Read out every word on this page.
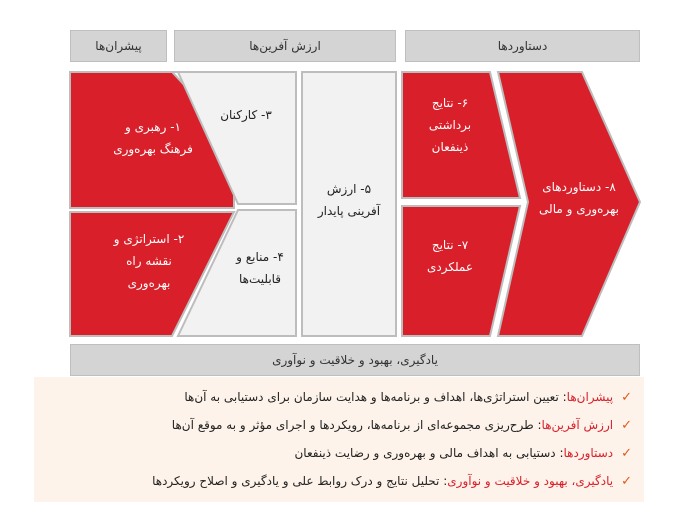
پیشران‌ها	ارزش آفرین‌ها	دستاوردها
۱- رهبری و
فرهنگ بهره‌وری
۲- استراتژی و
نقشه راه
بهره‌وری
۳- کارکنان
۴- منابع و
قابلیت‌ها
۵- ارزش
آفرینی پایدار
۶- نتایج
برداشتی
ذینفعان
۷- نتایج
عملکردی
۸- دستاوردهای
بهره‌وری و مالی
یادگیری، بهبود و خلاقیت و نوآوری
✓
پیشران‌ها
: تعیین استراتژی‌ها، اهداف و برنامه‌ها و هدایت سازمان برای دستیابی به آن‌ها
✓
ارزش آفرین‌ها
: طرح‌ریزی مجموعه‌ای از برنامه‌ها، رویکردها و اجرای مؤثر و به موقع آن‌ها
✓
دستاوردها
: دستیابی به اهداف مالی و بهره‌وری و رضایت ذینفعان
✓
یادگیری، بهبود و خلاقیت و نوآوری
: تحلیل نتایج و درک روابط علی و یادگیری و اصلاح رویکردها
